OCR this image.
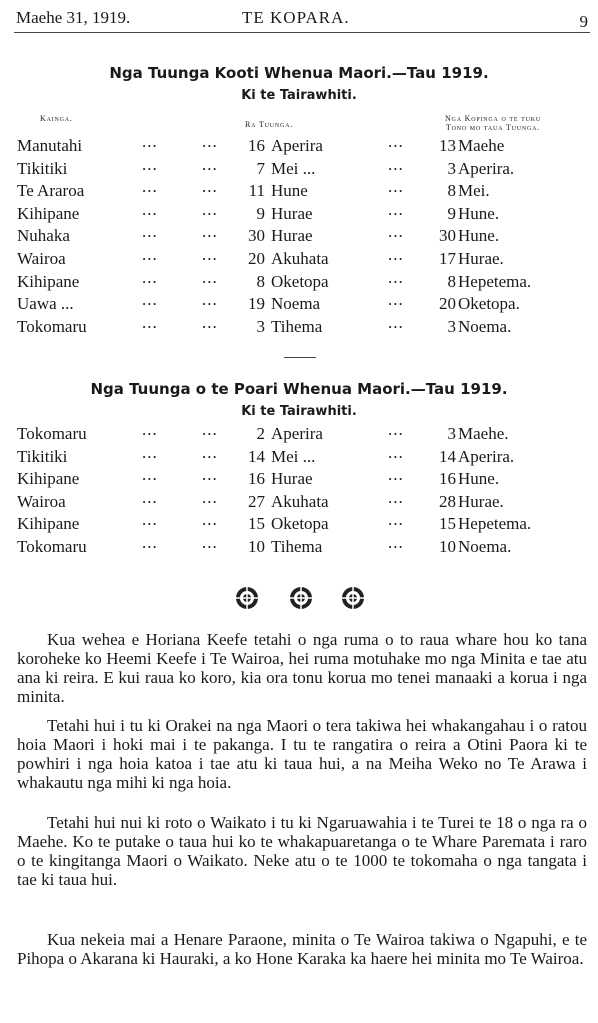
Maehe 31, 1919.	TE KOPARA.	9
Nga Tuunga Kooti Whenua Maori.—Tau 1919.
Ki te Tairawhiti.
Kainga.
Ra Tuunga.
Nga Kopinga o te tuku
Tono mo taua Tuunga.
Manutahi	...	...	16 Aperira	...	13 Maehe
Tikitiki	...	...	7 Mei ...	...	3 Aperira.
Te Araroa	...	...	11 Hune	...	8 Mei.
Kihipane	...	...	9 Hurae	...	9 Hune.
Nuhaka	...	...	30 Hurae	...	30 Hune.
Wairoa	...	...	20 Akuhata	...	17 Hurae.
Kihipane	...	...	8 Oketopa	...	8 Hepetema.
Uawa ...	...	...	19 Noema	...	20 Oketopa.
Tokomaru	...	...	3 Tihema	...	3 Noema.
Nga Tuunga o te Poari Whenua Maori.—Tau 1919.
Ki te Tairawhiti.
Tokomaru	...	...	2 Aperira	...	3 Maehe.
Tikitiki	...	...	14 Mei ...	...	14 Aperira.
Kihipane	...	...	16 Hurae	...	16 Hune.
Wairoa	...	...	27 Akuhata	...	28 Hurae.
Kihipane	...	...	15 Oketopa	...	15 Hepetema.
Tokomaru	...	...	10 Tihema	...	10 Noema.

Kua wehea e Horiana Keefe tetahi o nga ruma o to raua whare hou ko tana koroheke ko Heemi Keefe i Te Wairoa, hei ruma motuhake mo nga Minita e tae atu ana ki reira. E kui raua ko koro, kia ora tonu korua mo tenei manaaki a korua i nga minita.

Tetahi hui i tu ki Orakei na nga Maori o tera takiwa hei whakangahau i o ratou hoia Maori i hoki mai i te pakanga. I tu te rangatira o reira a Otini Paora ki te powhiri i nga hoia katoa i tae atu ki taua hui, a na Meiha Weko no Te Arawa i whakautu nga mihi ki nga hoia.

Tetahi hui nui ki roto o Waikato i tu ki Ngaruawahia i te Turei te 18 o nga ra o Maehe. Ko te putake o taua hui ko te whakapuaretanga o te Whare Paremata i raro o te kingitanga Maori o Waikato. Neke atu o te 1000 te tokomaha o nga tangata i tae ki taua hui.

Kua nekeia mai a Henare Paraone, minita o Te Wairoa takiwa o Ngapuhi, e te Pihopa o Akarana ki Hauraki, a ko Hone Karaka ka haere hei minita mo Te Wairoa.
